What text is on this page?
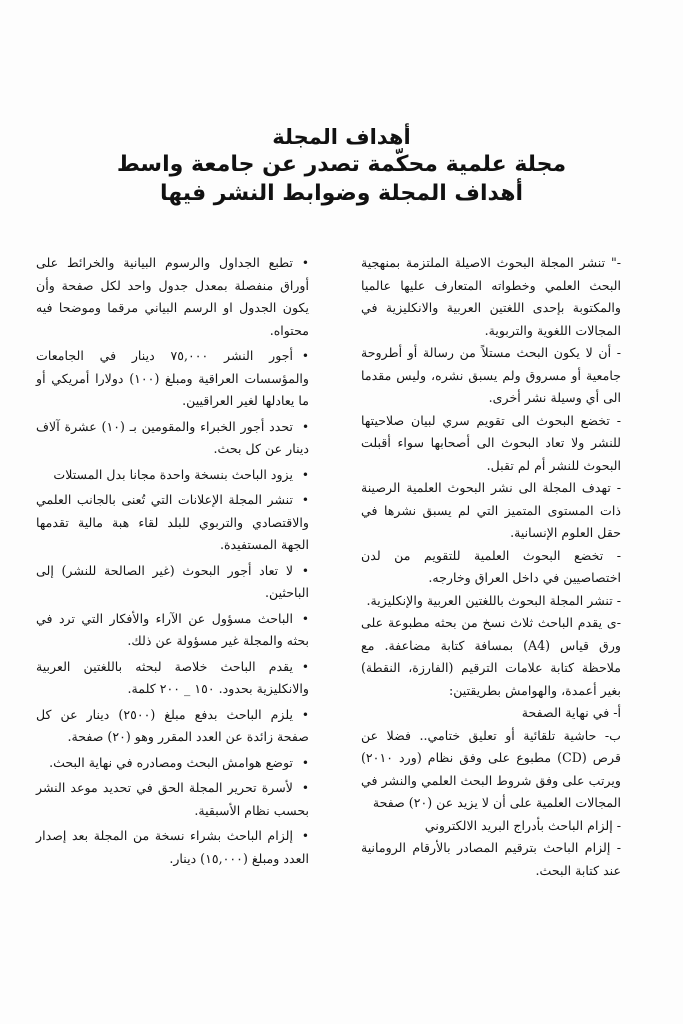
أهداف المجلة

مجلة علمية محكّمة تصدر عن جامعة واسط

أهداف المجلة وضوابط النشر فيها

-" تنشر المجلة البحوث الاصيلة الملتزمة بمنهجية البحث العلمي وخطواته المتعارف عليها عالميا والمكتوبة بإحدى اللغتين العربية والانكليزية في المجالات اللغوية والتربوية.

- أن لا يكون البحث مستلاً من رسالة أو أطروحة جامعية أو مسروق ولم يسبق نشره، وليس مقدما الى أي وسيلة نشر أخرى.

- تخضع البحوث الى تقويم سري لبيان صلاحيتها للنشر ولا تعاد البحوث الى أصحابها سواء أقبلت البحوث للنشر أم لم تقبل.

- تهدف المجلة الى نشر البحوث العلمية الرصينة ذات المستوى المتميز التي لم يسبق نشرها في حقل العلوم الإنسانية.

- تخضع البحوث العلمية للتقويم من لدن اختصاصيين في داخل العراق وخارجه.

- تنشر المجلة البحوث باللغتين العربية والإنكليزية.

-ى يقدم الباحث ثلاث نسخ من بحثه مطبوعة على ورق قياس (A4) بمسافة كتابة مضاعفة. مع ملاحظة كتابة علامات الترقيم (الفارزة، النقطة) بغير أعمدة، والهوامش بطريقتين:

أ- في نهاية الصفحة

ب- حاشية تلقائية أو تعليق ختامي.. فضلا عن قرص (CD) مطبوع على وفق نظام (ورد ٢٠١٠) ويرتب على وفق شروط البحث العلمي والنشر في المجالات العلمية على أن لا يزيد عن (٢٠) صفحة

- إلزام الباحث بأدراج البريد الالكتروني

- إلزام الباحث بترقيم المصادر بالأرقام الرومانية عند كتابة البحث.

•تطبع الجداول والرسوم البيانية والخرائط على أوراق منفصلة بمعدل جدول واحد لكل صفحة وأن يكون الجدول او الرسم البياني مرقما وموضحا فيه محتواه.
•أجور النشر ٧٥,٠٠٠ دينار في الجامعات والمؤسسات العراقية ومبلغ (١٠٠) دولارا أمريكي أو ما يعادلها لغير العراقيين.
•تحدد أجور الخبراء والمقومين بـ (١٠) عشرة آلاف دينار عن كل بحث.
•يزود الباحث بنسخة واحدة مجانا بدل المستلات
•تنشر المجلة الإعلانات التي تُعنى بالجانب العلمي والاقتصادي والتربوي للبلد لقاء هبة مالية تقدمها الجهة المستفيدة.
•لا تعاد أجور البحوث (غير الصالحة للنشر) إلى الباحثين.
•الباحث مسؤول عن الآراء والأفكار التي ترد في بحثه والمجلة غير مسؤولة عن ذلك.
•يقدم الباحث خلاصة لبحثه باللغتين العربية والانكليزية بحدود. ١٥٠ _ ٢٠٠ كلمة.
•يلزم الباحث بدفع مبلغ (٢٥٠٠) دينار عن كل صفحة زائدة عن العدد المقرر وهو (٢٠) صفحة.
•توضع هوامش البحث ومصادره في نهاية البحث.
•لأسرة تحرير المجلة الحق في تحديد موعد النشر بحسب نظام الأسبقية.
•إلزام الباحث بشراء نسخة من المجلة بعد إصدار العدد ومبلغ (١٥,٠٠٠) دينار.
